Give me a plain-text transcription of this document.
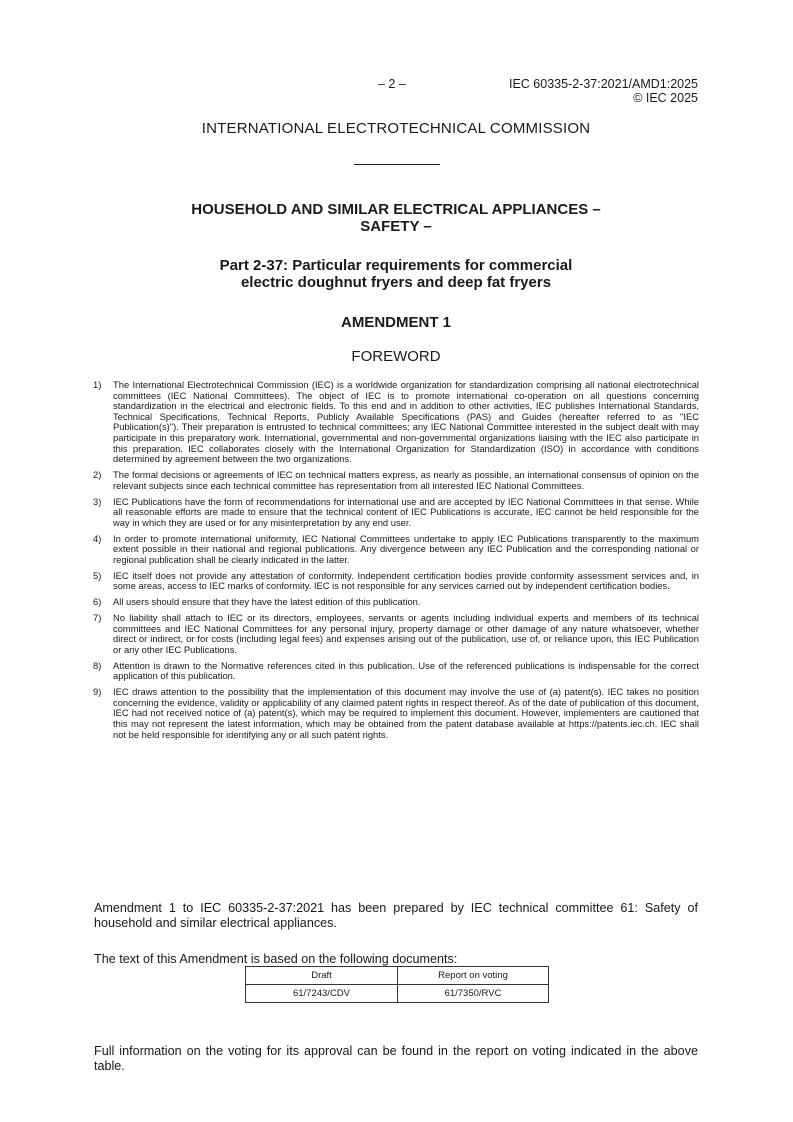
– 2 –	IEC 60335-2-37:2021/AMD1:2025
© IEC 2025
INTERNATIONAL ELECTROTECHNICAL COMMISSION
HOUSEHOLD AND SIMILAR ELECTRICAL APPLIANCES –
SAFETY –
Part 2-37: Particular requirements for commercial
electric doughnut fryers and deep fat fryers
AMENDMENT 1
FOREWORD
1) The International Electrotechnical Commission (IEC) is a worldwide organization for standardization comprising all national electrotechnical committees (IEC National Committees). The object of IEC is to promote international co-operation on all questions concerning standardization in the electrical and electronic fields. To this end and in addition to other activities, IEC publishes International Standards, Technical Specifications, Technical Reports, Publicly Available Specifications (PAS) and Guides (hereafter referred to as "IEC Publication(s)"). Their preparation is entrusted to technical committees; any IEC National Committee interested in the subject dealt with may participate in this preparatory work. International, governmental and non-governmental organizations liaising with the IEC also participate in this preparation. IEC collaborates closely with the International Organization for Standardization (ISO) in accordance with conditions determined by agreement between the two organizations.
2) The formal decisions or agreements of IEC on technical matters express, as nearly as possible, an international consensus of opinion on the relevant subjects since each technical committee has representation from all interested IEC National Committees.
3) IEC Publications have the form of recommendations for international use and are accepted by IEC National Committees in that sense. While all reasonable efforts are made to ensure that the technical content of IEC Publications is accurate, IEC cannot be held responsible for the way in which they are used or for any misinterpretation by any end user.
4) In order to promote international uniformity, IEC National Committees undertake to apply IEC Publications transparently to the maximum extent possible in their national and regional publications. Any divergence between any IEC Publication and the corresponding national or regional publication shall be clearly indicated in the latter.
5) IEC itself does not provide any attestation of conformity. Independent certification bodies provide conformity assessment services and, in some areas, access to IEC marks of conformity. IEC is not responsible for any services carried out by independent certification bodies.
6) All users should ensure that they have the latest edition of this publication.
7) No liability shall attach to IEC or its directors, employees, servants or agents including individual experts and members of its technical committees and IEC National Committees for any personal injury, property damage or other damage of any nature whatsoever, whether direct or indirect, or for costs (including legal fees) and expenses arising out of the publication, use of, or reliance upon, this IEC Publication or any other IEC Publications.
8) Attention is drawn to the Normative references cited in this publication. Use of the referenced publications is indispensable for the correct application of this publication.
9) IEC draws attention to the possibility that the implementation of this document may involve the use of (a) patent(s). IEC takes no position concerning the evidence, validity or applicability of any claimed patent rights in respect thereof. As of the date of publication of this document, IEC had not received notice of (a) patent(s), which may be required to implement this document. However, implementers are cautioned that this may not represent the latest information, which may be obtained from the patent database available at https://patents.iec.ch. IEC shall not be held responsible for identifying any or all such patent rights.

Amendment 1 to IEC 60335-2-37:2021 has been prepared by IEC technical committee 61: Safety of household and similar electrical appliances.

The text of this Amendment is based on the following documents:

Draft	Report on voting
61/7243/CDV	61/7350/RVC

Full information on the voting for its approval can be found in the report on voting indicated in the above table.
